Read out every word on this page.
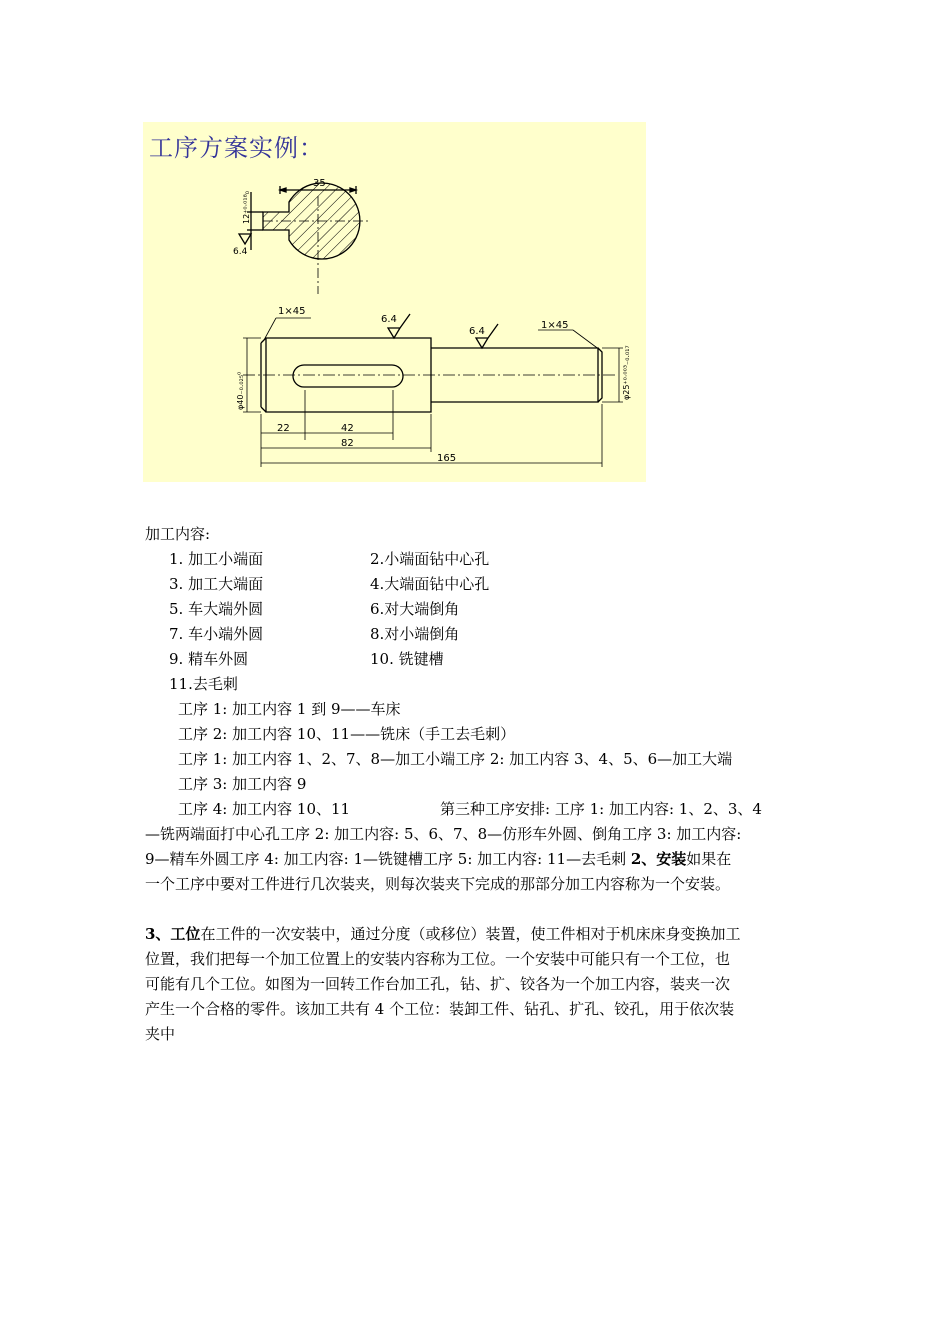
工序方案实例：
35
12⁺⁰·⁰¹⁸₀
6.4
1×45
6.4
6.4
1×45
φ40₋₀.₀₂₅⁰	φ25⁺⁰·⁰⁰³₋₀.₀₁₇
22	42
82
165
加工内容:
1. 加工小端面	2.小端面钻中心孔
3. 加工大端面	4.大端面钻中心孔
5. 车大端外圆	6.对大端倒角
7. 车小端外圆	8.对小端倒角
9. 精车外圆	10. 铣键槽
11.去毛刺
工序 1: 加工内容 1 到 9——车床
工序 2: 加工内容 10、11——铣床（手工去毛刺）
工序 1: 加工内容 1、2、7、8—加工小端工序 2: 加工内容 3、4、5、6—加工大端
工序 3: 加工内容 9
工序 4: 加工内容 10、11	第三种工序安排: 工序 1: 加工内容: 1、2、3、4
—铣两端面打中心孔工序 2: 加工内容: 5、6、7、8—仿形车外圆、倒角工序 3: 加工内容:
9—精车外圆工序 4: 加工内容: 1—铣键槽工序 5: 加工内容: 11—去毛刺 2、安装如果在
一个工序中要对工件进行几次装夹，则每次装夹下完成的那部分加工内容称为一个安装。
3、工位在工件的一次安装中，通过分度（或移位）装置，使工件相对于机床床身变换加工
位置，我们把每一个加工位置上的安装内容称为工位。一个安装中可能只有一个工位，也
可能有几个工位。如图为一回转工作台加工孔，钻、扩、铰各为一个加工内容，装夹一次
产生一个合格的零件。该加工共有 4 个工位：装卸工件、钻孔、扩孔、铰孔，用于依次装
夹中
